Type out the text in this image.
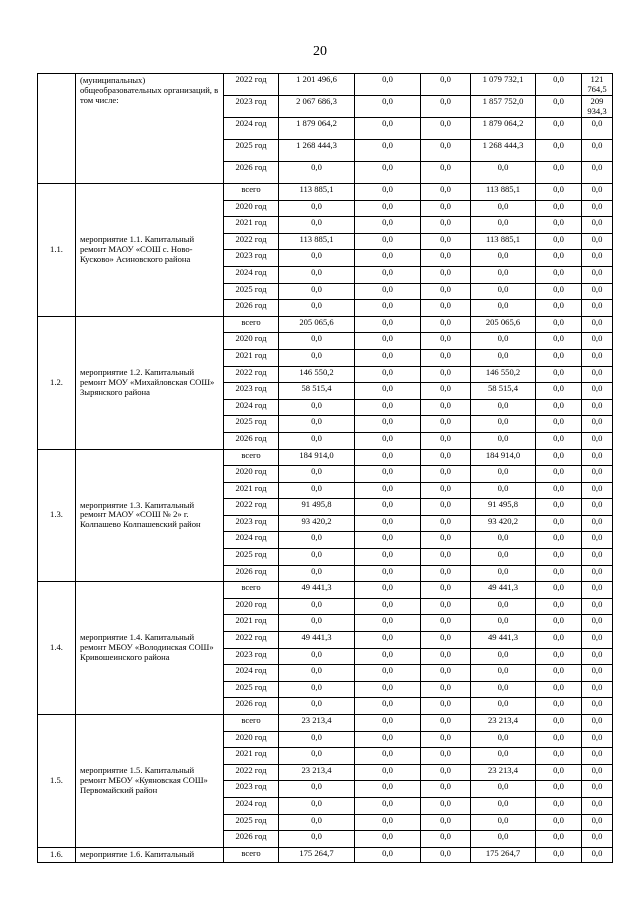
20
	(муниципальных) общеобразовательных организаций, в том числе:	2022 год	1 201 496,6	0,0	0,0	1 079 732,1	0,0	121 764,5
		2023 год	2 067 686,3	0,0	0,0	1 857 752,0	0,0	209 934,3
		2024 год	1 879 064,2	0,0	0,0	1 879 064,2	0,0	0,0
		2025 год	1 268 444,3	0,0	0,0	1 268 444,3	0,0	0,0
		2026 год	0,0	0,0	0,0	0,0	0,0	0,0
1.1.	мероприятие 1.1. Капитальный ремонт МАОУ «СОШ с. Ново-Кусково» Асиновского района	всего	113 885,1	0,0	0,0	113 885,1	0,0	0,0
		2020 год	0,0	0,0	0,0	0,0	0,0	0,0
		2021 год	0,0	0,0	0,0	0,0	0,0	0,0
		2022 год	113 885,1	0,0	0,0	113 885,1	0,0	0,0
		2023 год	0,0	0,0	0,0	0,0	0,0	0,0
		2024 год	0,0	0,0	0,0	0,0	0,0	0,0
		2025 год	0,0	0,0	0,0	0,0	0,0	0,0
		2026 год	0,0	0,0	0,0	0,0	0,0	0,0
1.2.	мероприятие 1.2. Капитальный ремонт МОУ «Михайловская СОШ» Зырянского района	всего	205 065,6	0,0	0,0	205 065,6	0,0	0,0
		2020 год	0,0	0,0	0,0	0,0	0,0	0,0
		2021 год	0,0	0,0	0,0	0,0	0,0	0,0
		2022 год	146 550,2	0,0	0,0	146 550,2	0,0	0,0
		2023 год	58 515,4	0,0	0,0	58 515,4	0,0	0,0
		2024 год	0,0	0,0	0,0	0,0	0,0	0,0
		2025 год	0,0	0,0	0,0	0,0	0,0	0,0
		2026 год	0,0	0,0	0,0	0,0	0,0	0,0
1.3.	мероприятие 1.3. Капитальный ремонт МАОУ «СОШ № 2» г. Колпашево Колпашевский район	всего	184 914,0	0,0	0,0	184 914,0	0,0	0,0
		2020 год	0,0	0,0	0,0	0,0	0,0	0,0
		2021 год	0,0	0,0	0,0	0,0	0,0	0,0
		2022 год	91 495,8	0,0	0,0	91 495,8	0,0	0,0
		2023 год	93 420,2	0,0	0,0	93 420,2	0,0	0,0
		2024 год	0,0	0,0	0,0	0,0	0,0	0,0
		2025 год	0,0	0,0	0,0	0,0	0,0	0,0
		2026 год	0,0	0,0	0,0	0,0	0,0	0,0
1.4.	мероприятие 1.4. Капитальный ремонт МБОУ «Володинская СОШ» Кривошеинского района	всего	49 441,3	0,0	0,0	49 441,3	0,0	0,0
		2020 год	0,0	0,0	0,0	0,0	0,0	0,0
		2021 год	0,0	0,0	0,0	0,0	0,0	0,0
		2022 год	49 441,3	0,0	0,0	49 441,3	0,0	0,0
		2023 год	0,0	0,0	0,0	0,0	0,0	0,0
		2024 год	0,0	0,0	0,0	0,0	0,0	0,0
		2025 год	0,0	0,0	0,0	0,0	0,0	0,0
		2026 год	0,0	0,0	0,0	0,0	0,0	0,0
1.5.	мероприятие 1.5. Капитальный ремонт МБОУ «Куяновская СОШ» Первомайский район	всего	23 213,4	0,0	0,0	23 213,4	0,0	0,0
		2020 год	0,0	0,0	0,0	0,0	0,0	0,0
		2021 год	0,0	0,0	0,0	0,0	0,0	0,0
		2022 год	23 213,4	0,0	0,0	23 213,4	0,0	0,0
		2023 год	0,0	0,0	0,0	0,0	0,0	0,0
		2024 год	0,0	0,0	0,0	0,0	0,0	0,0
		2025 год	0,0	0,0	0,0	0,0	0,0	0,0
		2026 год	0,0	0,0	0,0	0,0	0,0	0,0
1.6.	мероприятие 1.6. Капитальный	всего	175 264,7	0,0	0,0	175 264,7	0,0	0,0
